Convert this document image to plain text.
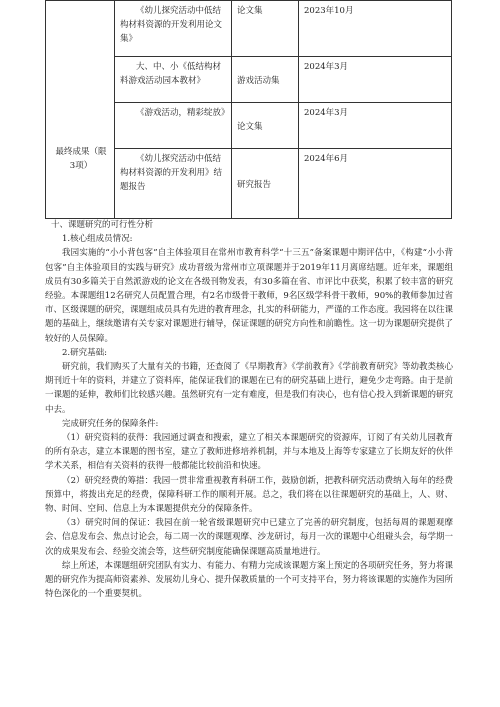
	《幼儿探究活动中低结构材料资源的开发利用论文集》	论文集	2023年10月

	大、中、小《低结构材料游戏活动园本教材》	游戏活动集	2024年3月

	《游戏活动，精彩绽放》	论文集	2024年3月

	《幼儿探究活动中低结构材料资源的开发利用》结题报告	研究报告	2024年6月
最终成果（限3项）

十、课题研究的可行性分析

1.核心组成员情况:

我园实施的“小小背包客”自主体验项目在常州市教育科学“十三五”备案课题中期评估中，《构建“小小背包客”自主体验项目的实践与研究》成功晋级为常州市立项课题并于2019年11月离席结题。近年来，课题组成员有30多篇关于自然派游戏的论文在各级刊物发表，有30多篇在省、市评比中获奖，积累了较丰富的研究经验。本课题组12名研究人员配置合理，有2名市级骨干教师，9名区级学科骨干教师，90%的教师参加过省市、区级课题的研究，课题组成员具有先进的教育理念，扎实的科研能力，严谨的工作态度。我园将在以往课题的基础上，继续邀请有关专家对课题进行辅导，保证课题的研究方向性和前瞻性。这一切为课题研究提供了较好的人员保障。

2.研究基础:

研究前，我们购买了大量有关的书籍，还查阅了《早期教育》《学前教育》《学前教育研究》等幼教类核心期刊近十年的资料，并建立了资料库，能保证我们的课题在已有的研究基础上进行，避免少走弯路。由于是前一课题的延伸，教师们比较感兴趣。虽然研究有一定有难度，但是我们有决心，也有信心投入到新课题的研究中去。

完成研究任务的保障条件:

（1）研究资料的获得：我园通过调查和搜索，建立了相关本课题研究的资源库，订阅了有关幼儿园教育的所有杂志，建立本课题的图书室，建立了教师进修培养机制，并与本地及上海等专家建立了长期友好的伙伴学术关系，相信有关资料的获得一般都能比较前沿和快速。

（2）研究经费的筹措：我园一贯非常重视教育科研工作，鼓励创新，把教科研究活动费纳入每年的经费预算中，将拨出充足的经费，保障科研工作的顺利开展。总之，我们将在以往课题研究的基础上，人、财、物、时间、空间、信息上为本课题提供充分的保障条件。

（3）研究时间的保证：我园在前一轮省级课题研究中已建立了完善的研究制度，包括每周的课题观摩会、信息发布会、焦点讨论会，每二周一次的课题观摩、沙龙研讨，每月一次的课题中心组碰头会，每学期一次的成果发布会、经验交流会等，这些研究制度能确保课题高质量地进行。

综上所述，本课题组研究团队有实力、有能力、有精力完成该课题方案上预定的各项研究任务，努力将课题的研究作为提高师资素养、发展幼儿身心、提升保教质量的一个可支持平台，努力将该课题的实施作为园所特色深化的一个重要契机。
